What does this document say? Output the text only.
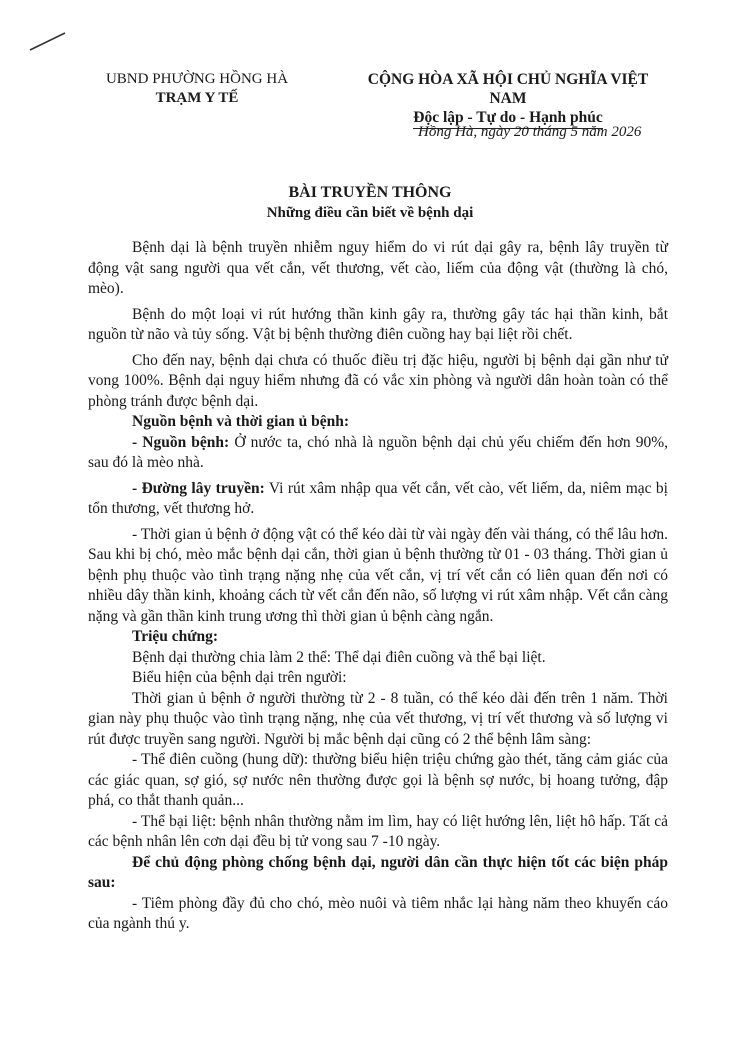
UBND PHƯỜNG HỒNG HÀ
TRẠM Y TẾ
CỘNG HÒA XÃ HỘI CHỦ NGHĨA VIỆT NAM
Độc lập - Tự do - Hạnh phúc
Hồng Hà, ngày 20 tháng 5 năm 2026
BÀI TRUYỀN THÔNG
Những điều cần biết về bệnh dại

Bệnh dại là bệnh truyền nhiễm nguy hiểm do vi rút dại gây ra, bệnh lây truyền từ động vật sang người qua vết cắn, vết thương, vết cào, liếm của động vật (thường là chó, mèo).

Bệnh do một loại vi rút hướng thần kinh gây ra, thường gây tác hại thần kinh, bắt nguồn từ não và tủy sống. Vật bị bệnh thường điên cuồng hay bại liệt rồi chết.

Cho đến nay, bệnh dại chưa có thuốc điều trị đặc hiệu, người bị bệnh dại gần như tử vong 100%. Bệnh dại nguy hiểm nhưng đã có vắc xin phòng và người dân hoàn toàn có thể phòng tránh được bệnh dại.

Nguồn bệnh và thời gian ủ bệnh:

- Nguồn bệnh: Ở nước ta, chó nhà là nguồn bệnh dại chủ yếu chiếm đến hơn 90%, sau đó là mèo nhà.

- Đường lây truyền: Vi rút xâm nhập qua vết cắn, vết cào, vết liếm, da, niêm mạc bị tổn thương, vết thương hở.

- Thời gian ủ bệnh ở động vật có thể kéo dài từ vài ngày đến vài tháng, có thể lâu hơn. Sau khi bị chó, mèo mắc bệnh dại cắn, thời gian ủ bệnh thường từ 01 - 03 tháng. Thời gian ủ bệnh phụ thuộc vào tình trạng nặng nhẹ của vết cắn, vị trí vết cắn có liên quan đến nơi có nhiều dây thần kinh, khoảng cách từ vết cắn đến não, số lượng vi rút xâm nhập. Vết cắn càng nặng và gần thần kinh trung ương thì thời gian ủ bệnh càng ngắn.

Triệu chứng:

Bệnh dại thường chia làm 2 thể: Thể dại điên cuồng và thể bại liệt.

Biểu hiện của bệnh dại trên người:

Thời gian ủ bệnh ở người thường từ 2 - 8 tuần, có thể kéo dài đến trên 1 năm. Thời gian này phụ thuộc vào tình trạng nặng, nhẹ của vết thương, vị trí vết thương và số lượng vi rút được truyền sang người. Người bị mắc bệnh dại cũng có 2 thể bệnh lâm sàng:

- Thể điên cuồng (hung dữ): thường biểu hiện triệu chứng gào thét, tăng cảm giác của các giác quan, sợ gió, sợ nước nên thường được gọi là bệnh sợ nước, bị hoang tưởng, đập phá, co thắt thanh quản...

- Thể bại liệt: bệnh nhân thường nằm im lìm, hay có liệt hướng lên, liệt hô hấp. Tất cả các bệnh nhân lên cơn dại đều bị tử vong sau 7 -10 ngày.

Để chủ động phòng chống bệnh dại, người dân cần thực hiện tốt các biện pháp sau:

- Tiêm phòng đầy đủ cho chó, mèo nuôi và tiêm nhắc lại hàng năm theo khuyến cáo của ngành thú y.
